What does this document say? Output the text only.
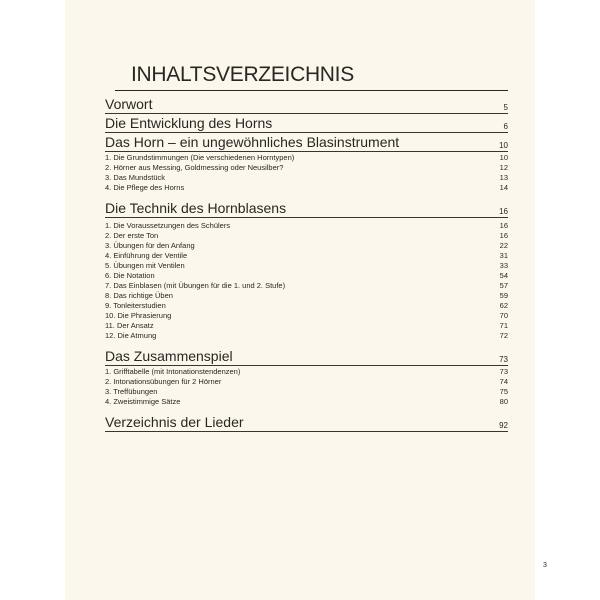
INHALTSVERZEICHNIS
Vorwort	5
Die Entwicklung des Horns	6
Das Horn – ein ungewöhnliches Blasinstrument	10
1. Die Grundstimmungen (Die verschiedenen Horntypen)	10
2. Hörner aus Messing, Goldmessing oder Neusilber?	12
3. Das Mundstück	13
4. Die Pflege des Horns	14
Die Technik des Hornblasens	16
1. Die Voraussetzungen des Schülers	16
2. Der erste Ton	16
3. Übungen für den Anfang	22
4. Einführung der Ventile	31
5. Übungen mit Ventilen	33
6. Die Notation	54
7. Das Einblasen (mit Übungen für die 1. und 2. Stufe)	57
8. Das richtige Üben	59
9. Tonleiterstudien	62
10. Die Phrasierung	70
11. Der Ansatz	71
12. Die Atmung	72
Das Zusammenspiel	73
1. Grifftabelle (mit Intonationstendenzen)	73
2. Intonationsübungen für 2 Hörner	74
3. Treffübungen	75
4. Zweistimmige Sätze	80
Verzeichnis der Lieder	92
3
